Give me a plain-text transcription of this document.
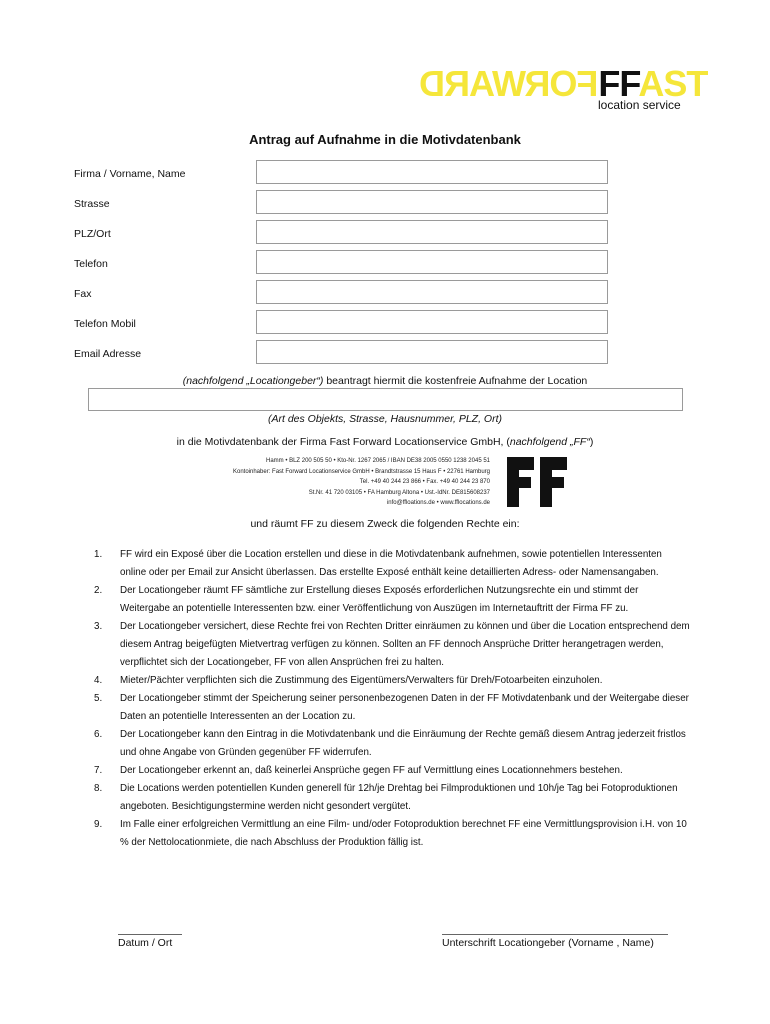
FORWARDFFAST
location service
Antrag auf Aufnahme in die Motivdatenbank
Firma / Vorname, Name
Strasse
PLZ/Ort
Telefon
Fax
Telefon Mobil
Email Adresse
(nachfolgend „Locationgeber“) beantragt hiermit die kostenfreie Aufnahme der Location
(Art des Objekts, Strasse, Hausnummer, PLZ, Ort)
in die Motivdatenbank der Firma Fast Forward Locationservice GmbH, (nachfolgend „FF“)
Hamm • BLZ 200 505 50 • Kto-Nr. 1267 2065 / IBAN DE38 2005 0550 1238 2045 51
Kontoinhaber: Fast Forward Locationservice GmbH • Brandtstrasse 15 Haus F • 22761 Hamburg
Tel. +49 40 244 23 866 • Fax. +49 40 244 23 870
St.Nr. 41 720 03105 • FA Hamburg Altona • Ust.-IdNr. DE815608237
info@ffloations.de • www.fflocations.de
und räumt FF zu diesem Zweck die folgenden Rechte ein:
1. FF wird ein Exposé über die Location erstellen und diese in die Motivdatenbank aufnehmen, sowie potentiellen Interessenten online oder per Email zur Ansicht überlassen. Das erstellte Exposé enthält keine detaillierten Adress- oder Namensangaben.
2. Der Locationgeber räumt FF sämtliche zur Erstellung dieses Exposés erforderlichen Nutzungsrechte ein und stimmt der Weitergabe an potentielle Interessenten bzw. einer Veröffentlichung von Auszügen im Internetauftritt der Firma FF zu.
3. Der Locationgeber versichert, diese Rechte frei von Rechten Dritter einräumen zu können und über die Location entsprechend dem diesem Antrag beigefügten Mietvertrag verfügen zu können. Sollten an FF dennoch Ansprüche Dritter herangetragen werden, verpflichtet sich der Locationgeber, FF von allen Ansprüchen frei zu halten.
4. Mieter/Pächter verpflichten sich die Zustimmung des Eigentümers/Verwalters für Dreh/Fotoarbeiten einzuholen.
5. Der Locationgeber stimmt der Speicherung seiner personenbezogenen Daten in der FF Motivdatenbank und der Weitergabe dieser Daten an potentielle Interessenten an der Location zu.
6. Der Locationgeber kann den Eintrag in die Motivdatenbank und die Einräumung der Rechte gemäß diesem Antrag jederzeit fristlos und ohne Angabe von Gründen gegenüber FF widerrufen.
7. Der Locationgeber erkennt an, daß keinerlei Ansprüche gegen FF auf Vermittlung eines Locationnehmers bestehen.
8. Die Locations werden potentiellen Kunden generell für 12h/je Drehtag bei Filmproduktionen und 10h/je Tag bei Fotoproduktionen angeboten. Besichtigungstermine werden nicht gesondert vergütet.
9. Im Falle einer erfolgreichen Vermittlung an eine Film- und/oder Fotoproduktion berechnet FF eine Vermittlungsprovision i.H. von 10 % der Nettolocationmiete, die nach Abschluss der Produktion fällig ist.
Datum / Ort	Unterschrift Locationgeber (Vorname , Name)
